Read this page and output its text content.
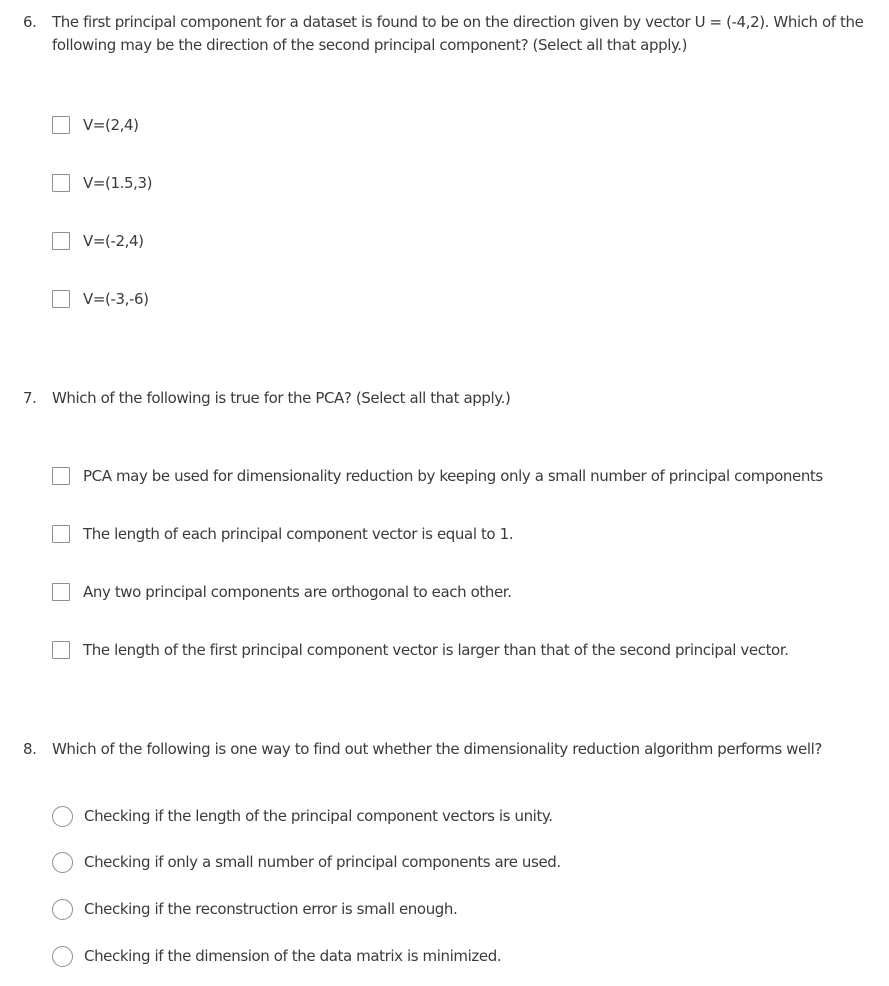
6. The first principal component for a dataset is found to be on the direction given by vector U = (-4,2). Which of the following may be the direction of the second principal component? (Select all that apply.)

V=(2,4)
V=(1.5,3)
V=(-2,4)
V=(-3,-6)
7. Which of the following is true for the PCA? (Select all that apply.)

PCA may be used for dimensionality reduction by keeping only a small number of principal components
The length of each principal component vector is equal to 1.
Any two principal components are orthogonal to each other.
The length of the first principal component vector is larger than that of the second principal vector.
8. Which of the following is one way to find out whether the dimensionality reduction algorithm performs well?

Checking if the length of the principal component vectors is unity.
Checking if only a small number of principal components are used.
Checking if the reconstruction error is small enough.
Checking if the dimension of the data matrix is minimized.
